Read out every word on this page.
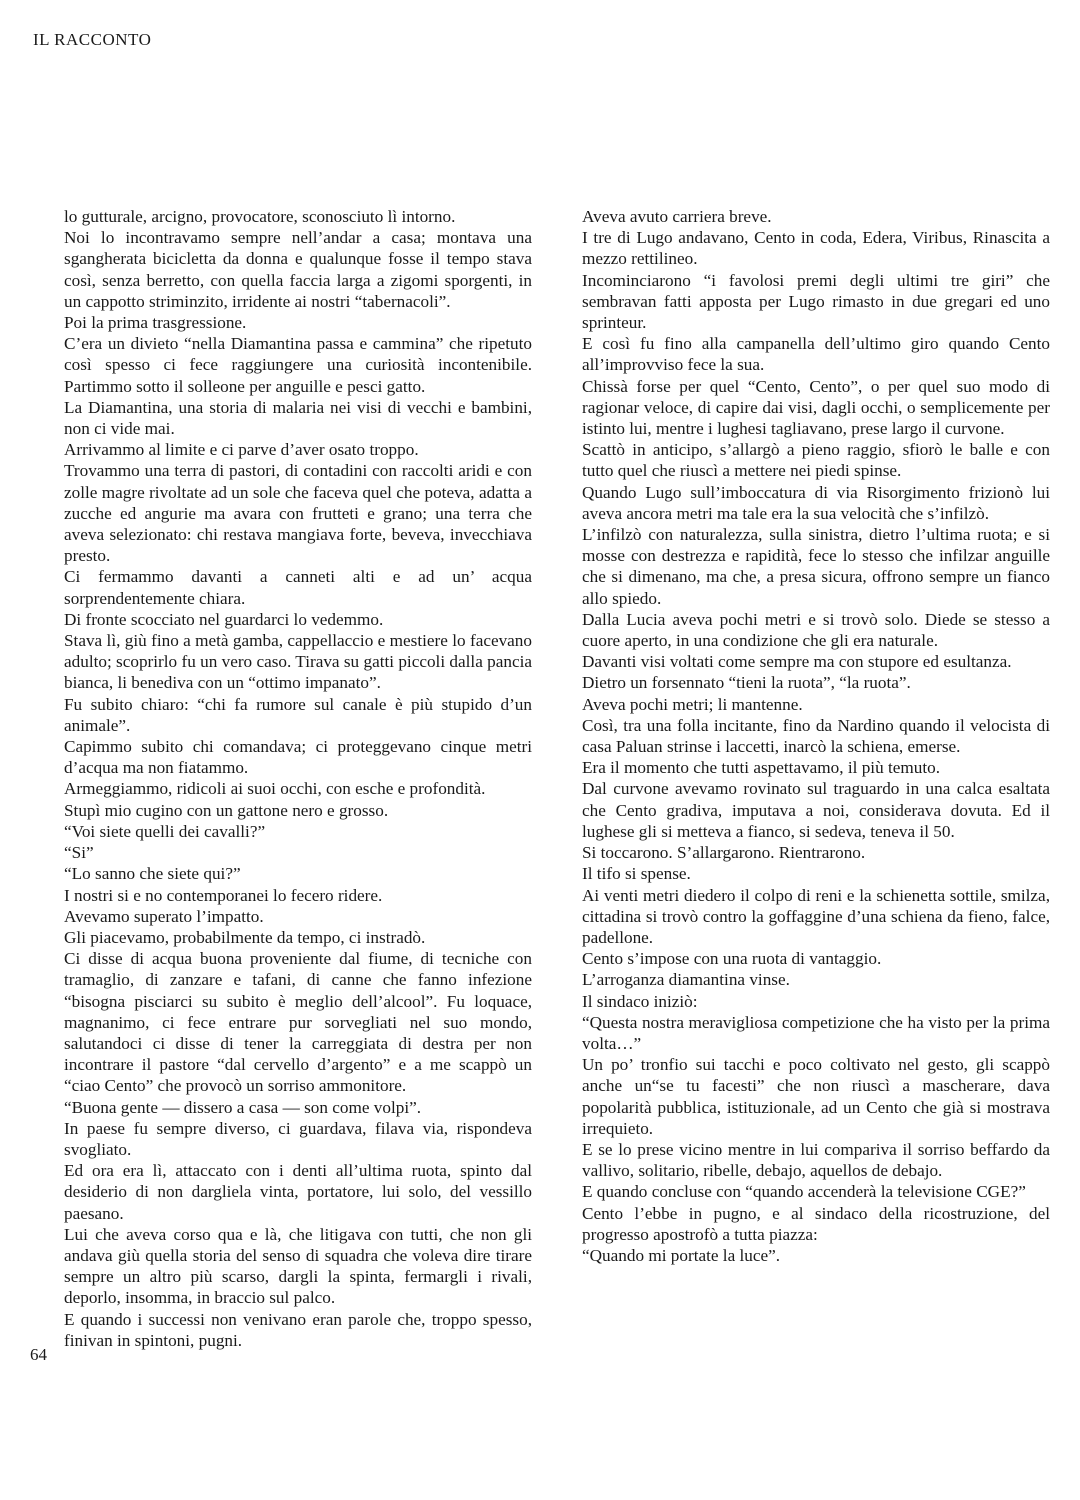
IL RACCONTO

lo gutturale, arcigno, provocatore, sconosciuto lì intorno.

Noi lo incontravamo sempre nell’andar a casa; montava una sgangherata bicicletta da donna e qualunque fosse il tempo stava così, senza berretto, con quella faccia larga a zigomi sporgenti, in un cappotto striminzito, irridente ai nostri “tabernacoli”.

Poi la prima trasgressione.

C’era un divieto “nella Diamantina passa e cammina” che ripetuto così spesso ci fece raggiungere una curiosità incontenibile. Partimmo sotto il solleone per anguille e pesci gatto.

La Diamantina, una storia di malaria nei visi di vecchi e bambini, non ci vide mai.

Arrivammo al limite e ci parve d’aver osato troppo.

Trovammo una terra di pastori, di contadini con raccolti aridi e con zolle magre rivoltate ad un sole che faceva quel che poteva, adatta a zucche ed angurie ma avara con frutteti e grano; una terra che aveva selezionato: chi restava mangiava forte, beveva, invecchiava presto.

Ci fermammo davanti a canneti alti e ad un’ acqua sorprendentemente chiara.

Di fronte scocciato nel guardarci lo vedemmo.

Stava lì, giù fino a metà gamba, cappellaccio e mestiere lo facevano adulto; scoprirlo fu un vero caso. Tirava su gatti piccoli dalla pancia bianca, li benediva con un “ottimo impanato”.

Fu subito chiaro: “chi fa rumore sul canale è più stupido d’un animale”.

Capimmo subito chi comandava; ci proteggevano cinque metri d’acqua ma non fiatammo.

Armeggiammo, ridicoli ai suoi occhi, con esche e profondità.

Stupì mio cugino con un gattone nero e grosso.

“Voi siete quelli dei cavalli?”

“Si”

“Lo sanno che siete qui?”

I nostri si e no contemporanei lo fecero ridere.

Avevamo superato l’impatto.

Gli piacevamo, probabilmente da tempo, ci instradò.

Ci disse di acqua buona proveniente dal fiume, di tecniche con tramaglio, di zanzare e tafani, di canne che fanno infezione “bisogna pisciarci su subito è meglio dell’alcool”. Fu loquace, magnanimo, ci fece entrare pur sorvegliati nel suo mondo, salutandoci ci disse di tener la carreggiata di destra per non incontrare il pastore “dal cervello d’argento” e a me scappò un “ciao Cento” che provocò un sorriso ammonitore.

“Buona gente — dissero a casa — son come volpi”.

In paese fu sempre diverso, ci guardava, filava via, rispondeva svogliato.

Ed ora era lì, attaccato con i denti all’ultima ruota, spinto dal desiderio di non dargliela vinta, portatore, lui solo, del vessillo paesano.

Lui che aveva corso qua e là, che litigava con tutti, che non gli andava giù quella storia del senso di squadra che voleva dire tirare sempre un altro più scarso, dargli la spinta, fermargli i rivali, deporlo, insomma, in braccio sul palco.

E quando i successi non venivano eran parole che, troppo spesso, finivan in spintoni, pugni.

Aveva avuto carriera breve.

I tre di Lugo andavano, Cento in coda, Edera, Viribus, Rinascita a mezzo rettilineo.

Incominciarono “i favolosi premi degli ultimi tre giri” che sembravan fatti apposta per Lugo rimasto in due gregari ed uno sprinteur.

E così fu fino alla campanella dell’ultimo giro quando Cento all’improvviso fece la sua.

Chissà forse per quel “Cento, Cento”, o per quel suo modo di ragionar veloce, di capire dai visi, dagli occhi, o semplicemente per istinto lui, mentre i lughesi tagliavano, prese largo il curvone.

Scattò in anticipo, s’allargò a pieno raggio, sfiorò le balle e con tutto quel che riuscì a mettere nei piedi spinse.

Quando Lugo sull’imboccatura di via Risorgimento frizionò lui aveva ancora metri ma tale era la sua velocità che s’infilzò.

L’infilzò con naturalezza, sulla sinistra, dietro l’ultima ruota; e si mosse con destrezza e rapidità, fece lo stesso che infilzar anguille che si dimenano, ma che, a presa sicura, offrono sempre un fianco allo spiedo.

Dalla Lucia aveva pochi metri e si trovò solo. Diede se stesso a cuore aperto, in una condizione che gli era naturale.

Davanti visi voltati come sempre ma con stupore ed esultanza.

Dietro un forsennato “tieni la ruota”, “la ruota”.

Aveva pochi metri; li mantenne.

Così, tra una folla incitante, fino da Nardino quando il velocista di casa Paluan strinse i laccetti, inarcò la schiena, emerse.

Era il momento che tutti aspettavamo, il più temuto.

Dal curvone avevamo rovinato sul traguardo in una calca esaltata che Cento gradiva, imputava a noi, considerava dovuta. Ed il lughese gli si metteva a fianco, si sedeva, teneva il 50.

Si toccarono. S’allargarono. Rientrarono.

Il tifo si spense.

Ai venti metri diedero il colpo di reni e la schienetta sottile, smilza, cittadina si trovò contro la goffaggine d’una schiena da fieno, falce, padellone.

Cento s’impose con una ruota di vantaggio.

L’arroganza diamantina vinse.

Il sindaco iniziò:

“Questa nostra meravigliosa competizione che ha visto per la prima volta…”

Un po’ tronfio sui tacchi e poco coltivato nel gesto, gli scappò anche un“se tu facesti” che non riuscì a mascherare, dava popolarità pubblica, istituzionale, ad un Cento che già si mostrava irrequieto.

E se lo prese vicino mentre in lui compariva il sorriso beffardo da vallivo, solitario, ribelle, debajo, aquellos de debajo.

E quando concluse con “quando accenderà la televisione CGE?”

Cento l’ebbe in pugno, e al sindaco della ricostruzione, del progresso apostrofò a tutta piazza:

“Quando mi portate la luce”.

64
